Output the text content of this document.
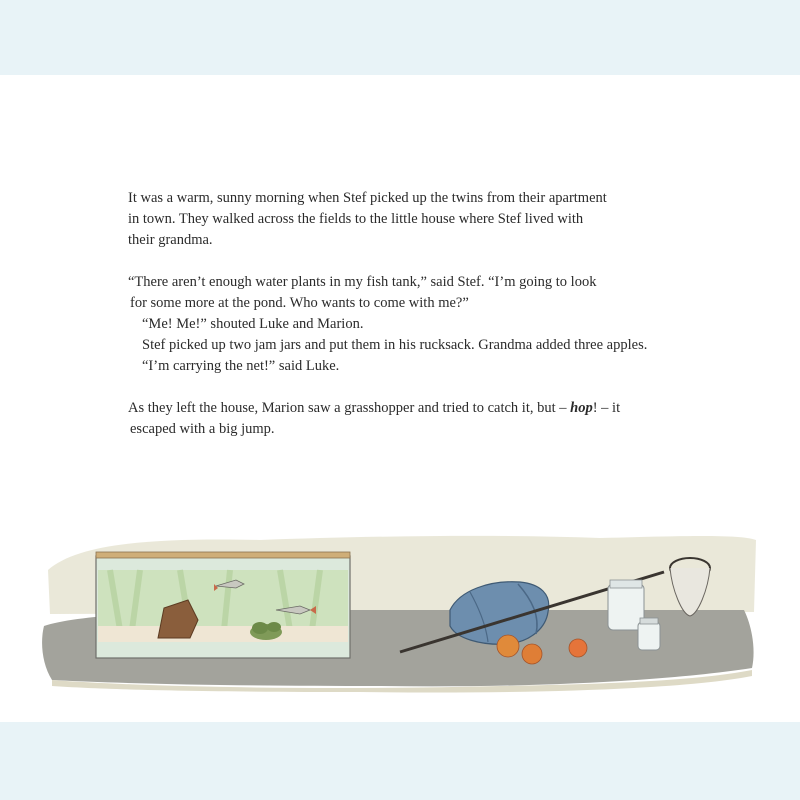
It was a warm, sunny morning when Stef picked up the twins from their apartment
in town. They walked across the fields to the little house where Stef lived with
their grandma.

“There aren’t enough water plants in my fish tank,” said Stef. “I’m going to look
for some more at the pond. Who wants to come with me?”
“Me! Me!” shouted Luke and Marion.
Stef picked up two jam jars and put them in his rucksack. Grandma added three apples.
“I’m carrying the net!” said Luke.

As they left the house, Marion saw a grasshopper and tried to catch it, but – hop! – it
escaped with a big jump.
